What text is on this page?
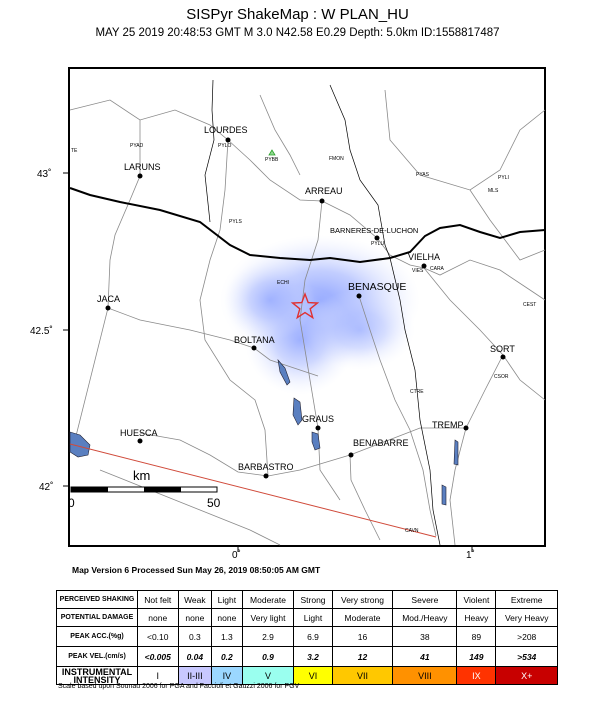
SISPyr ShakeMap : W PLAN_HU
MAY 25 2019 20:48:53 GMT M 3.0 N42.58 E0.29 Depth: 5.0km ID:1558817487
43˚
42.5˚
42˚
0˚	1˚
km
0	50
PYAD	PYLO
PYBB	FMON
PYAS	PYLI
MLS
PYLS
PYLU
VIES CARA
ECHI
CEST
CSOR
CTRE
CAVN
TE
LOURDES
LARUNS
ARREAU
BARNERES-DE-LUCHON
VIELHA
BENASQUE
JACA
BOLTANA
SORT
GRAUS
TREMP
HUESCA
BENABARRE
BARBASTRO
Map Version 6 Processed Sun May 26, 2019 08:50:05 AM GMT
PERCEIVED SHAKING	Not felt	Weak	Light	Moderate	Strong	Very strong	Severe	Violent	Extreme
POTENTIAL DAMAGE	none	none	none	Very light	Light	Moderate	Mod./Heavy	Heavy	Very Heavy
PEAK ACC.(%g)	<0.10	0.3	1.3	2.9	6.9	16	38	89	>208
PEAK VEL.(cm/s)	<0.005	0.04	0.2	0.9	3.2	12	41	149	>534
INSTRUMENTAL INTENSITY	I	II-III	IV	V	VI	VII	VIII	IX	X+
Scale based upon Sounau 2006 for PGA and Faccioli et Gauzzi 2006 for PGV
